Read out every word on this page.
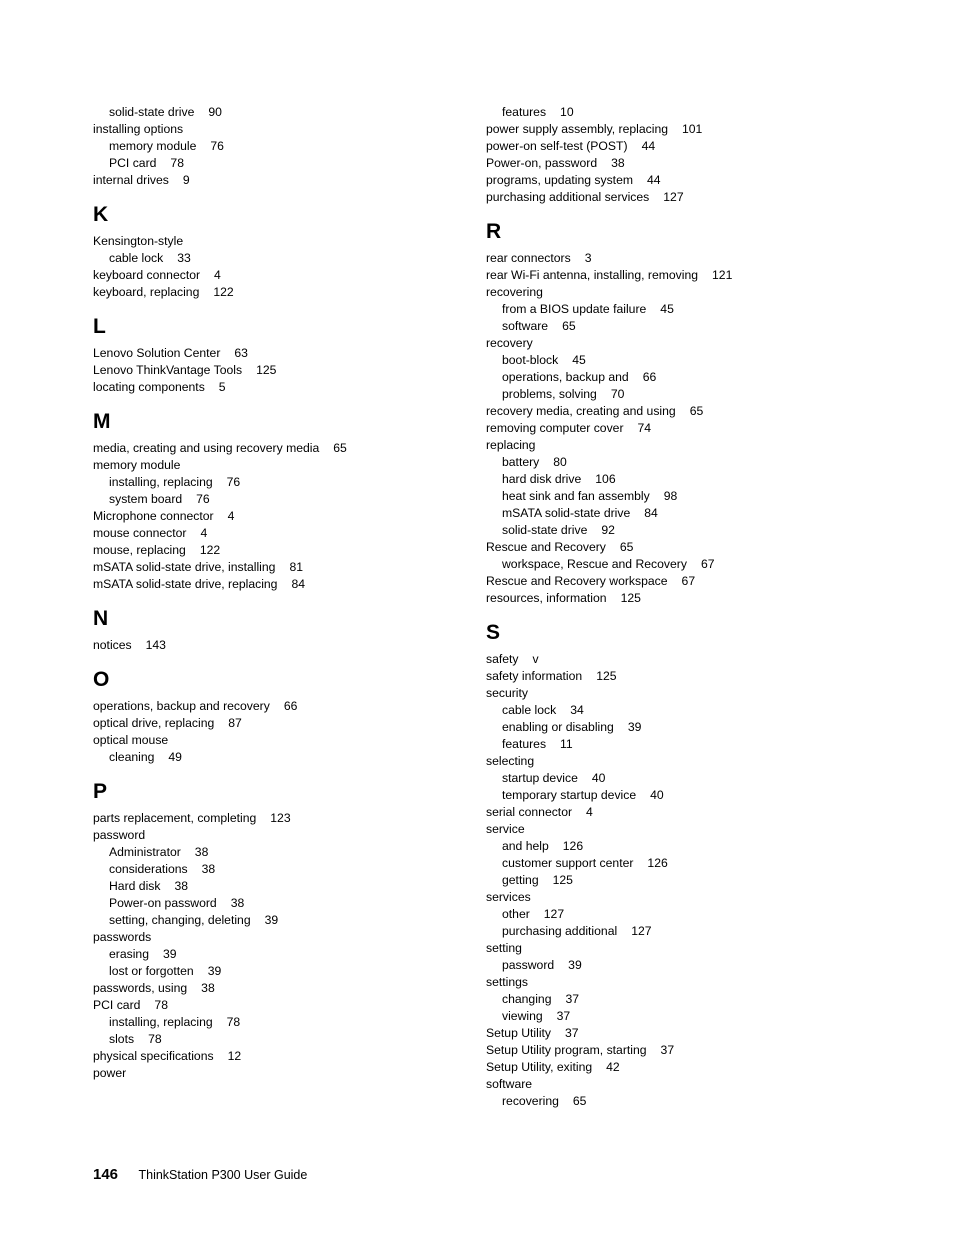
solid-state drive 90
installing options
memory module 76
PCI card 78
internal drives 9
K
Kensington-style
cable lock 33
keyboard connector 4
keyboard, replacing 122
L
Lenovo Solution Center 63
Lenovo ThinkVantage Tools 125
locating components 5
M
media, creating and using recovery media 65
memory module
installing, replacing 76
system board 76
Microphone connector 4
mouse connector 4
mouse, replacing 122
mSATA solid-state drive, installing 81
mSATA solid-state drive, replacing 84
N
notices 143
O
operations, backup and recovery 66
optical drive, replacing 87
optical mouse
cleaning 49
P
parts replacement, completing 123
password
Administrator 38
considerations 38
Hard disk 38
Power-on password 38
setting, changing, deleting 39
passwords
erasing 39
lost or forgotten 39
passwords, using 38
PCI card 78
installing, replacing 78
slots 78
physical specifications 12
power
features 10
power supply assembly, replacing 101
power-on self-test (POST) 44
Power-on, password 38
programs, updating system 44
purchasing additional services 127
R
rear connectors 3
rear Wi-Fi antenna, installing, removing 121
recovering
from a BIOS update failure 45
software 65
recovery
boot-block 45
operations, backup and 66
problems, solving 70
recovery media, creating and using 65
removing computer cover 74
replacing
battery 80
hard disk drive 106
heat sink and fan assembly 98
mSATA solid-state drive 84
solid-state drive 92
Rescue and Recovery 65
workspace, Rescue and Recovery 67
Rescue and Recovery workspace 67
resources, information 125
S
safety v
safety information 125
security
cable lock 34
enabling or disabling 39
features 11
selecting
startup device 40
temporary startup device 40
serial connector 4
service
and help 126
customer support center 126
getting 125
services
other 127
purchasing additional 127
setting
password 39
settings
changing 37
viewing 37
Setup Utility 37
Setup Utility program, starting 37
Setup Utility, exiting 42
software
recovering 65
146 ThinkStation P300 User Guide
